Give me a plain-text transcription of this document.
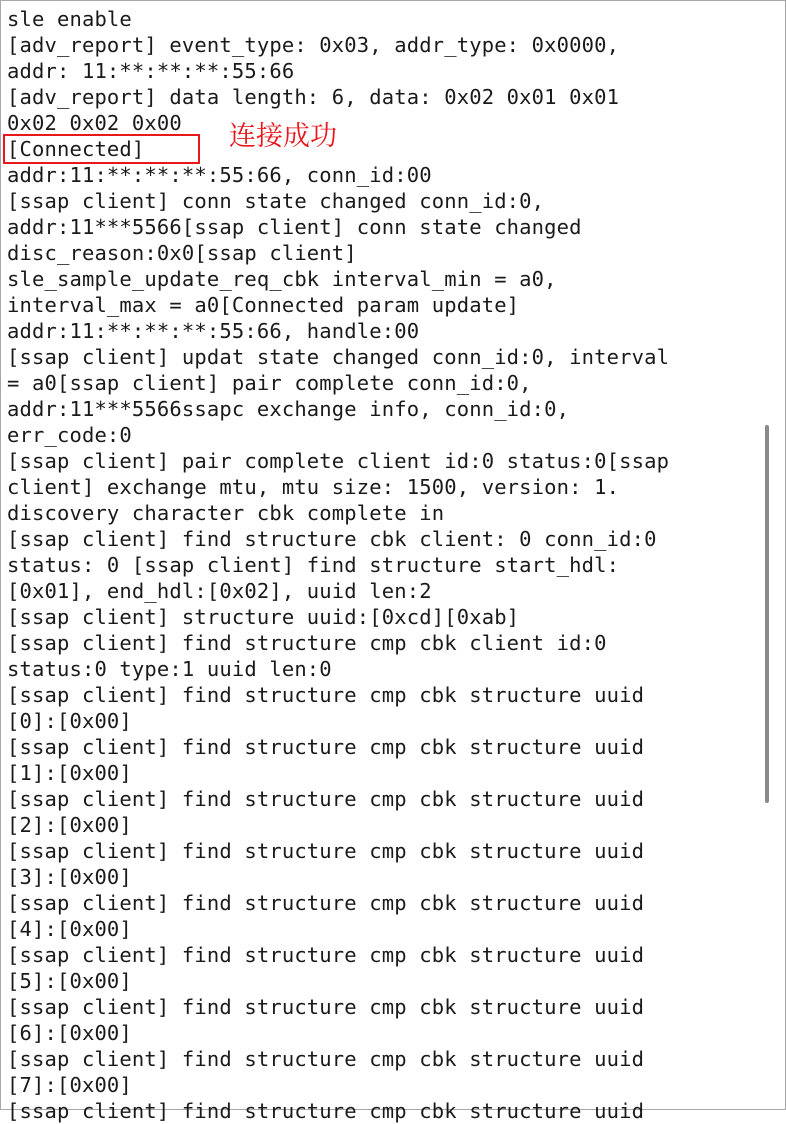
sle enable
[adv_report] event_type: 0x03, addr_type: 0x0000,
addr: 11:**:**:**:55:66
[adv_report] data length: 6, data: 0x02 0x01 0x01
0x02 0x02 0x00
[Connected]
addr:11:**:**:**:55:66, conn_id:00
[ssap client] conn state changed conn_id:0,
addr:11***5566[ssap client] conn state changed
disc_reason:0x0[ssap client]
sle_sample_update_req_cbk interval_min = a0,
interval_max = a0[Connected param update]
addr:11:**:**:**:55:66, handle:00
[ssap client] updat state changed conn_id:0, interval
= a0[ssap client] pair complete conn_id:0,
addr:11***5566ssapc exchange info, conn_id:0,
err_code:0
[ssap client] pair complete client id:0 status:0[ssap
client] exchange mtu, mtu size: 1500, version: 1.
discovery character cbk complete in
[ssap client] find structure cbk client: 0 conn_id:0
status: 0 [ssap client] find structure start_hdl:
[0x01], end_hdl:[0x02], uuid len:2
[ssap client] structure uuid:[0xcd][0xab]
[ssap client] find structure cmp cbk client id:0
status:0 type:1 uuid len:0
[ssap client] find structure cmp cbk structure uuid
[0]:[0x00]
[ssap client] find structure cmp cbk structure uuid
[1]:[0x00]
[ssap client] find structure cmp cbk structure uuid
[2]:[0x00]
[ssap client] find structure cmp cbk structure uuid
[3]:[0x00]
[ssap client] find structure cmp cbk structure uuid
[4]:[0x00]
[ssap client] find structure cmp cbk structure uuid
[5]:[0x00]
[ssap client] find structure cmp cbk structure uuid
[6]:[0x00]
[ssap client] find structure cmp cbk structure uuid
[7]:[0x00]
[ssap client] find structure cmp cbk structure uuid
连接成功
